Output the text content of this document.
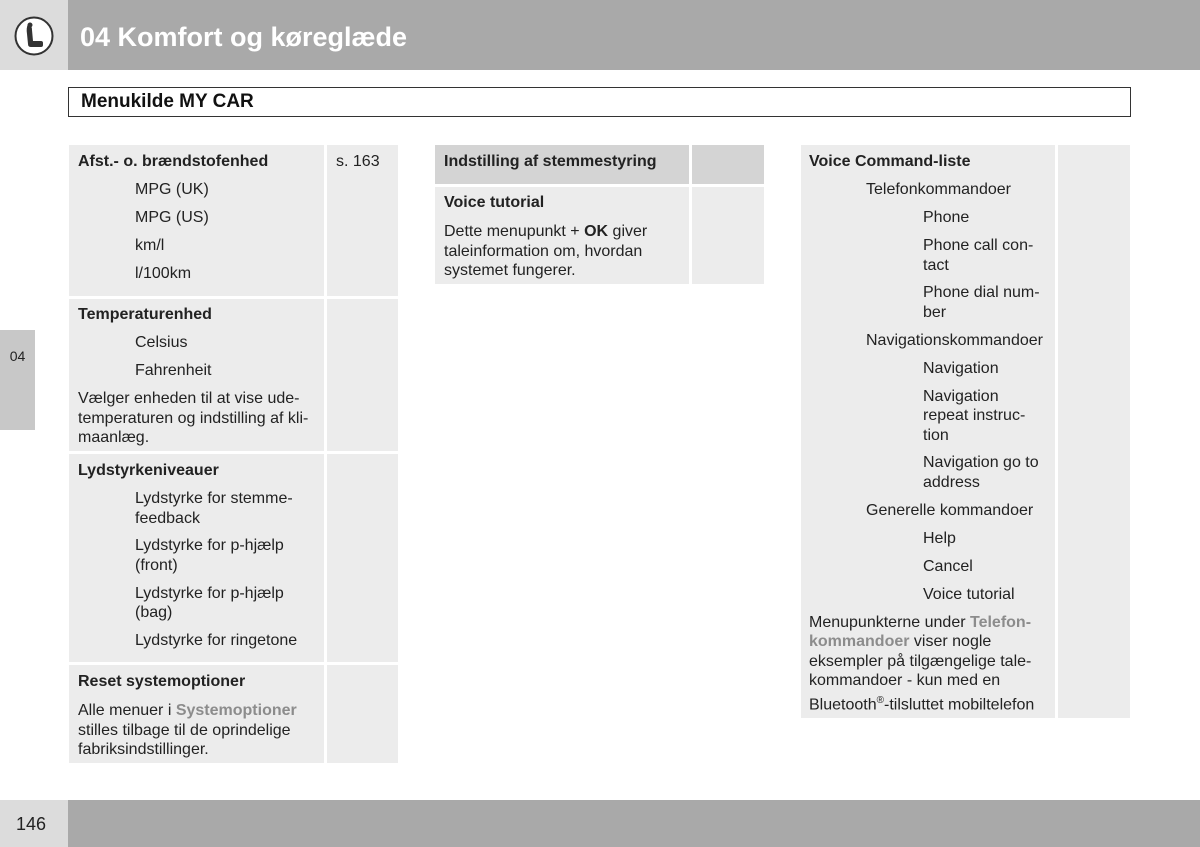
04 Komfort og køreglæde
Menukilde MY CAR
04
Afst.- o. brændstofenhed	s. 163
MPG (UK)
MPG (US)
km/l
l/100km
Temperaturenhed
Celsius
Fahrenheit
Vælger enheden til at vise ude-
temperaturen og indstilling af kli-
maanlæg.
Lydstyrkeniveauer
Lydstyrke for stemme-
feedback
Lydstyrke for p-hjælp
(front)
Lydstyrke for p-hjælp
(bag)
Lydstyrke for ringetone
Reset systemoptioner
Alle menuer i Systemoptioner
stilles tilbage til de oprindelige
fabriksindstillinger.
Indstilling af stemmestyring
Voice tutorial
Dette menupunkt + OK giver
taleinformation om, hvordan
systemet fungerer.
Voice Command-liste
Telefonkommandoer
Phone
Phone call con-
tact
Phone dial num-
ber
Navigationskommandoer
Navigation
Navigation
repeat instruc-
tion
Navigation go to
address
Generelle kommandoer
Help
Cancel
Voice tutorial
Menupunkterne under Telefon-
kommandoer viser nogle
eksempler på tilgængelige tale-
kommandoer - kun med en
Bluetooth®-tilsluttet mobiltelefon
146
